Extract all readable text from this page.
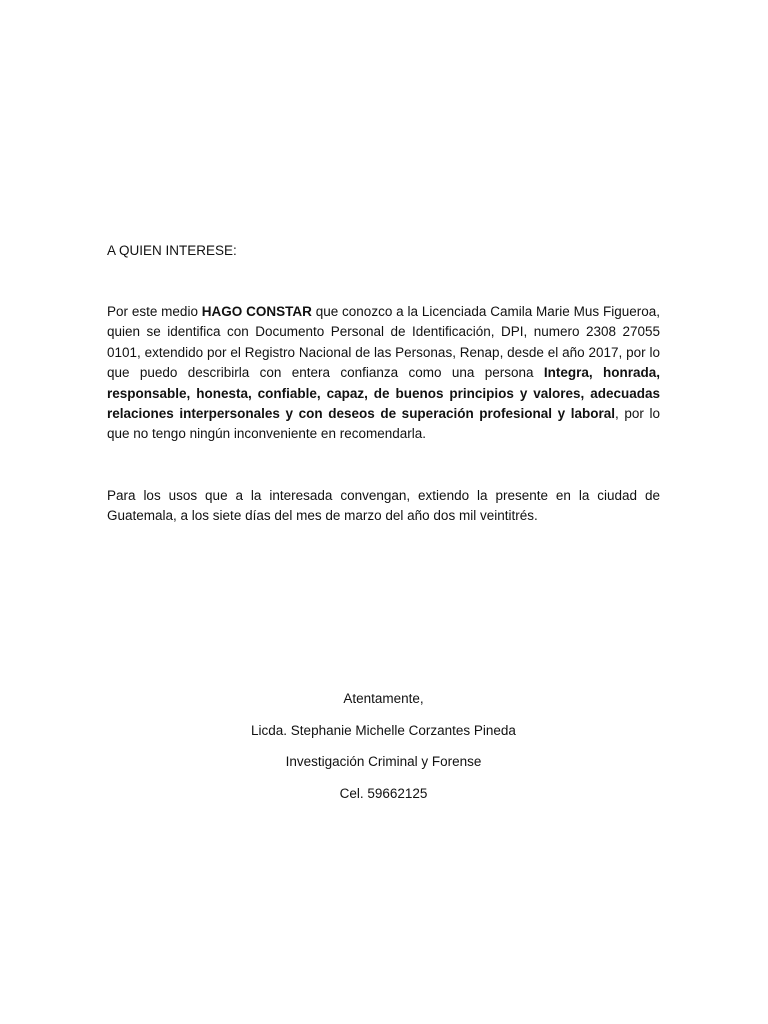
A QUIEN INTERESE:

Por este medio HAGO CONSTAR que conozco a la Licenciada Camila Marie Mus Figueroa, quien se identifica con Documento Personal de Identificación, DPI, numero 2308 27055 0101, extendido por el Registro Nacional de las Personas, Renap, desde el año 2017, por lo que puedo describirla con entera confianza como una persona Integra, honrada, responsable, honesta, confiable, capaz, de buenos principios y valores, adecuadas relaciones interpersonales y con deseos de superación profesional y laboral, por lo que no tengo ningún inconveniente en recomendarla.

Para los usos que a la interesada convengan, extiendo la presente en la ciudad de Guatemala, a los siete días del mes de marzo del año dos mil veintitrés.

Atentamente,

Licda. Stephanie Michelle Corzantes Pineda

Investigación Criminal y Forense

Cel. 59662125
